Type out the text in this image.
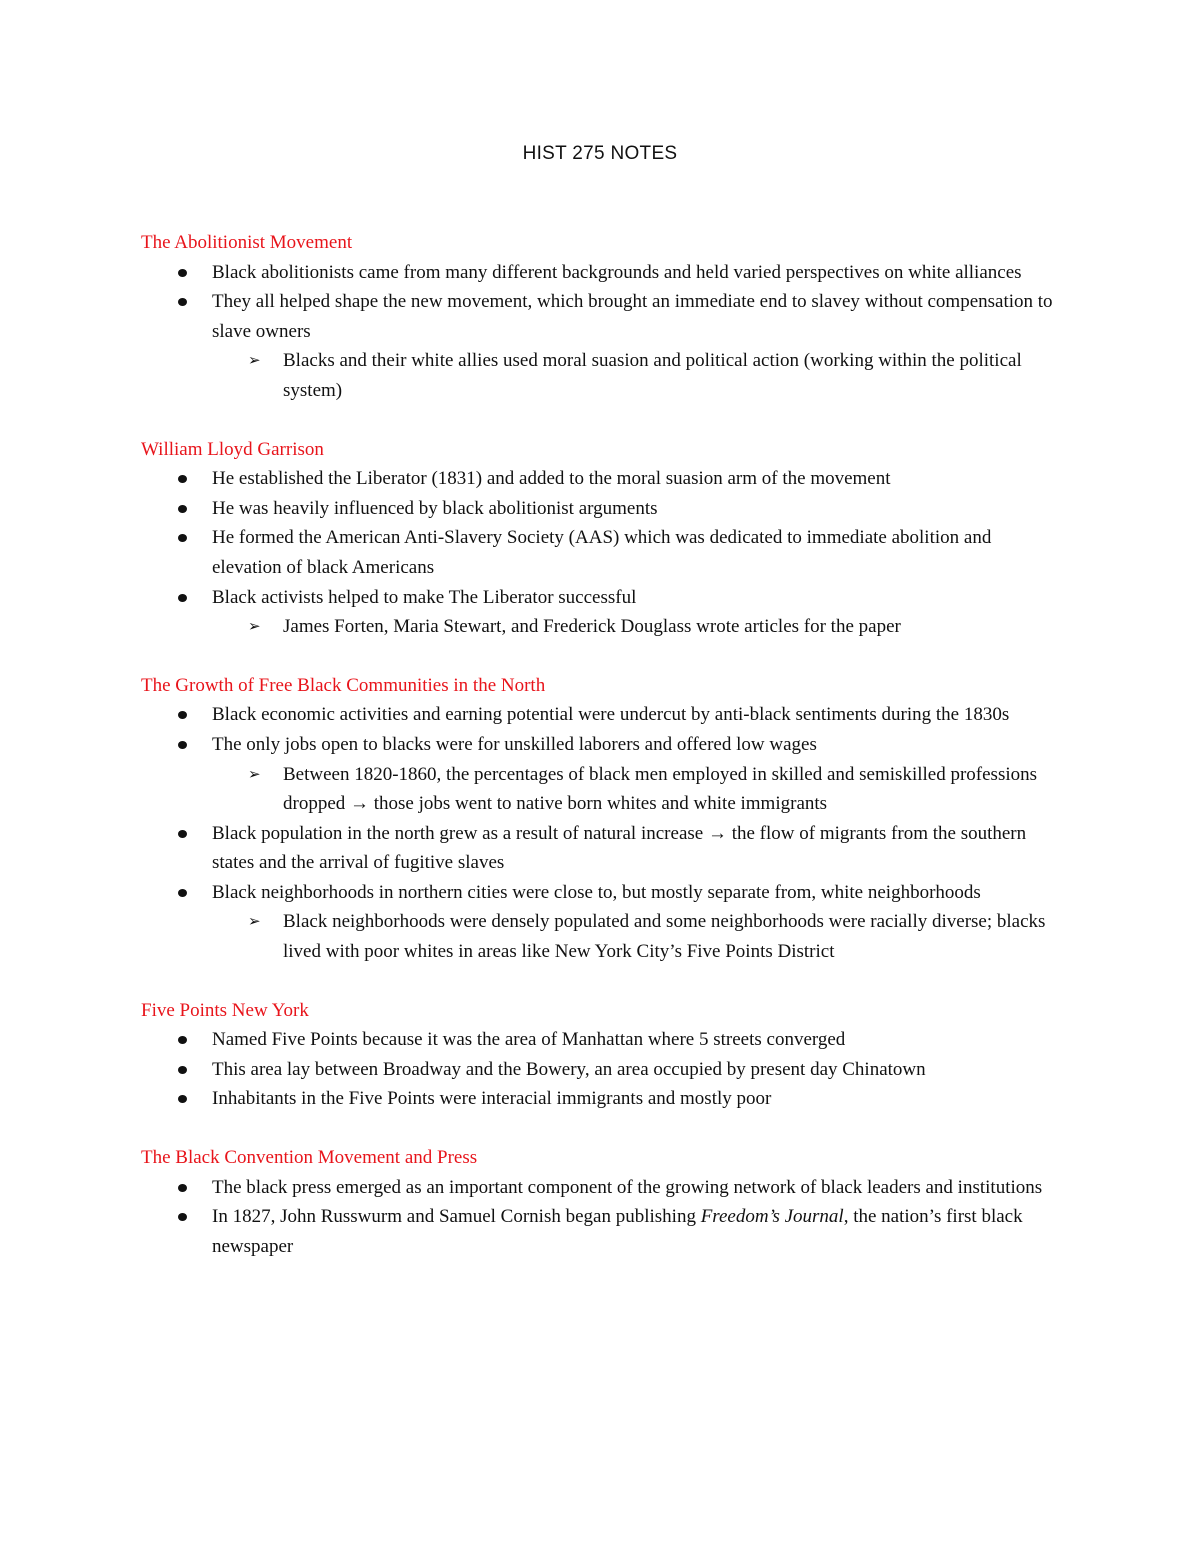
HIST 275 NOTES

The Abolitionist Movement

Black abolitionists came from many different backgrounds and held varied perspectives on white alliances
They all helped shape the new movement, which brought an immediate end to slavey without compensation to slave owners
➢ Blacks and their white allies used moral suasion and political action (working within the political system)

William Lloyd Garrison

He established the Liberator (1831) and added to the moral suasion arm of the movement
He was heavily influenced by black abolitionist arguments
He formed the American Anti-Slavery Society (AAS) which was dedicated to immediate abolition and elevation of black Americans
Black activists helped to make The Liberator successful
➢ James Forten, Maria Stewart, and Frederick Douglass wrote articles for the paper

The Growth of Free Black Communities in the North

Black economic activities and earning potential were undercut by anti-black sentiments during the 1830s
The only jobs open to blacks were for unskilled laborers and offered low wages
➢ Between 1820-1860, the percentages of black men employed in skilled and semiskilled professions dropped → those jobs went to native born whites and white immigrants
Black population in the north grew as a result of natural increase → the flow of migrants from the southern states and the arrival of fugitive slaves
Black neighborhoods in northern cities were close to, but mostly separate from, white neighborhoods
➢ Black neighborhoods were densely populated and some neighborhoods were racially diverse; blacks lived with poor whites in areas like New York City’s Five Points District

Five Points New York

Named Five Points because it was the area of Manhattan where 5 streets converged
This area lay between Broadway and the Bowery, an area occupied by present day Chinatown
Inhabitants in the Five Points were interacial immigrants and mostly poor

The Black Convention Movement and Press

The black press emerged as an important component of the growing network of black leaders and institutions
In 1827, John Russwurm and Samuel Cornish began publishing Freedom’s Journal, the nation’s first black newspaper
